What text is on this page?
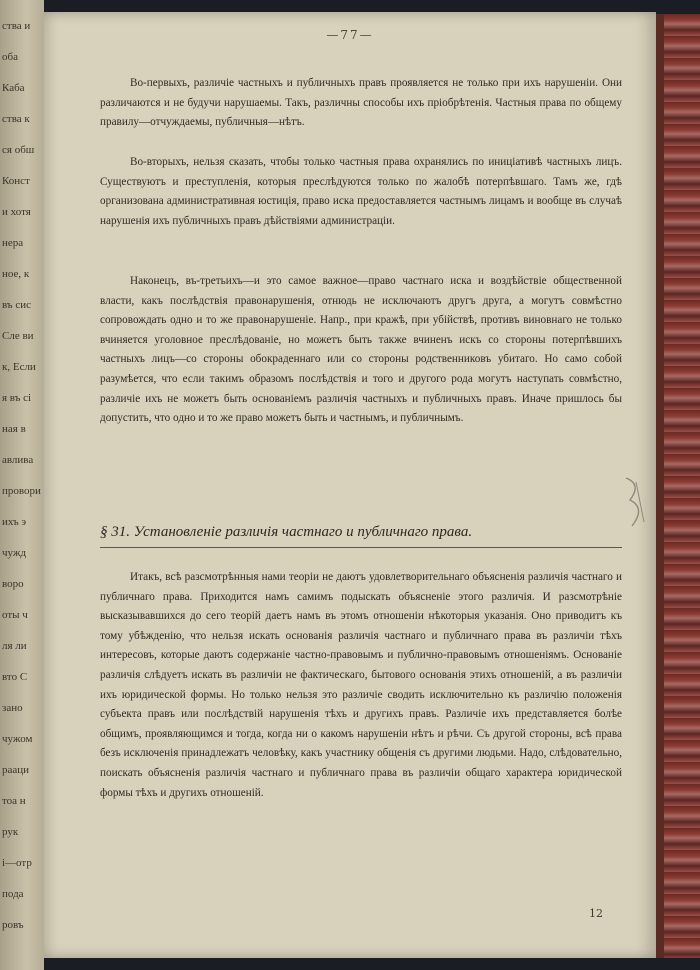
ства и
оба
Каба
ства к
ся обш
Конст
и хотя
нера
ное, к
въ сис
Сле ви
к, Если
я въ сі
ная в
авлива
провори
ихъ э
чужд
воро
оты ч
ля ли
вто С
зано
чужом
рааци
тоа н
рук
і—отр
пода
ровъ
—77—
Во-первыхъ, различіе частныхъ и публичныхъ правъ проявляется не только при ихъ нарушеніи. Они различаются и не будучи нарушаемы. Такъ, различны способы ихъ пріобрѣтенія. Частныя права по общему правилу—отчуждаемы, публичныя—нѣтъ.
Во-вторыхъ, нельзя сказать, чтобы только частныя права охранялись по иниціативѣ частныхъ лицъ. Существуютъ и преступленія, которыя преслѣдуются только по жалобѣ потерпѣвшаго. Тамъ же, гдѣ организована административная юстиція, право иска предоставляется частнымъ лицамъ и вообще въ случаѣ нарушенія ихъ публичныхъ правъ дѣйствіями администраціи.
Наконецъ, въ-третьихъ—и это самое важное—право частнаго иска и воздѣйствіе общественной власти, какъ послѣдствія правонарушенія, отнюдь не исключаютъ другъ друга, а могутъ совмѣстно сопровождать одно и то же правонарушеніе. Напр., при кражѣ, при убійствѣ, противъ виновнаго не только вчиняется уголовное преслѣдованіе, но можетъ быть также вчиненъ искъ со стороны потерпѣвшихъ частныхъ лицъ—со стороны обокраденнаго или со стороны родственниковъ убитаго. Но само собой разумѣется, что если такимъ образомъ послѣдствія и того и другого рода могутъ наступать совмѣстно, различіе ихъ не можетъ быть основаніемъ различія частныхъ и публичныхъ правъ. Иначе пришлось бы допустить, что одно и то же право можетъ быть и частнымъ, и публичнымъ.
§ 31. Установленіе различія частнаго и публичнаго права.
Итакъ, всѣ разсмотрѣнныя нами теоріи не даютъ удовлетворительнаго объясненія различія частнаго и публичнаго права. Приходится намъ самимъ подыскать объясненіе этого различія. И разсмотрѣніе высказывавшихся до сего теорій даетъ намъ въ этомъ отношеніи нѣкоторыя указанія. Оно приводитъ къ тому убѣжденію, что нельзя искать основанія различія частнаго и публичнаго права въ различіи тѣхъ интересовъ, которые даютъ содержаніе частно-правовымъ и публично-правовымъ отношеніямъ. Основаніе различія слѣдуетъ искать въ различіи не фактическаго, бытового основанія этихъ отношеній, а въ различіи ихъ юридической формы. Но только нельзя это различіе сводить исключительно къ различію положенія субъекта правъ или послѣдствій нарушенія тѣхъ и другихъ правъ. Различіе ихъ представляется болѣе общимъ, проявляющимся и тогда, когда ни о какомъ нарушеніи нѣтъ и рѣчи. Съ другой стороны, всѣ права безъ исключенія принадлежатъ человѣку, какъ участнику общенія съ другими людьми. Надо, слѣдовательно, поискать объясненія различія частнаго и публичнаго права въ различіи общаго характера юридической формы тѣхъ и другихъ отношеній.
12
